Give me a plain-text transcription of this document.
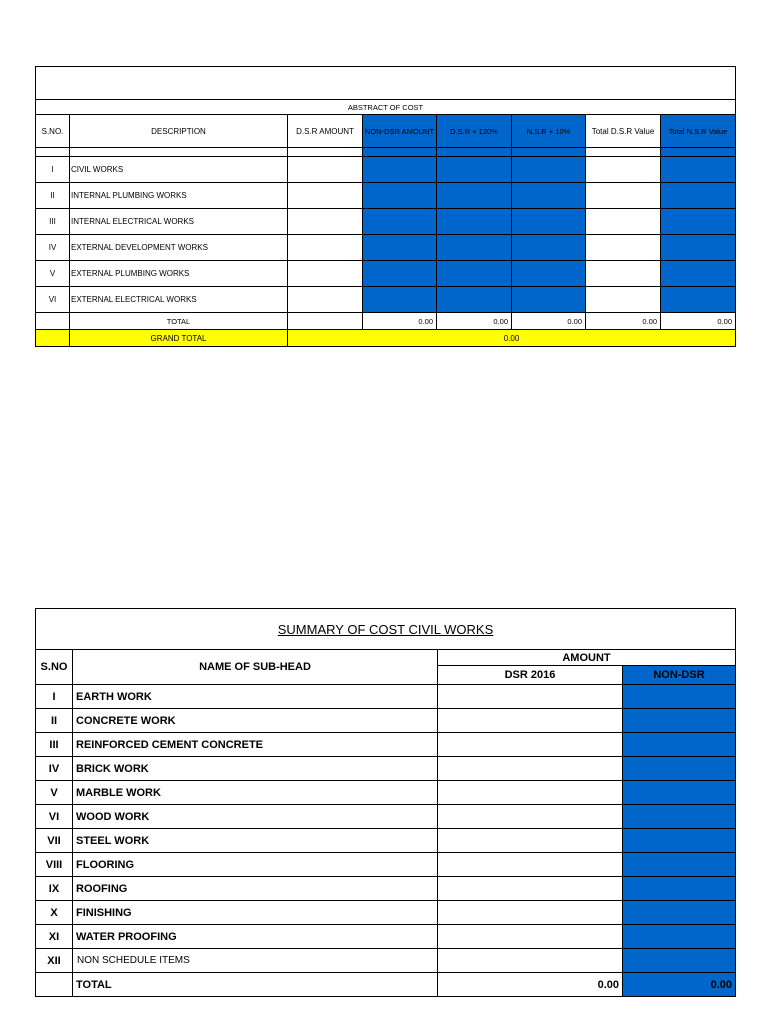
ABSTRACT OF COST							
S.NO.	DESCRIPTION	D.S.R AMOUNT	NON-DSR AMOUNT	D.S.R + 120%	N.S.R + 10%	Total D.S.R Value	Total N.S.R Value

I	CIVIL WORKS						
II	INTERNAL PLUMBING WORKS						
III	INTERNAL ELECTRICAL WORKS						
IV	EXTERNAL DEVELOPMENT WORKS						
V	EXTERNAL PLUMBING WORKS						
VI	EXTERNAL ELECTRICAL WORKS						
	TOTAL		0.00	0.00	0.00	0.00	0.00
	GRAND TOTAL	0.00					
SUMMARY OF COST CIVIL WORKS			
S.NO	NAME OF SUB-HEAD	AMOUNT	
		DSR 2016	NON-DSR
I	EARTH WORK		
II	CONCRETE WORK		
III	REINFORCED CEMENT CONCRETE		
IV	BRICK WORK		
V	MARBLE WORK		
VI	WOOD WORK		
VII	STEEL WORK		
VIII	FLOORING		
IX	ROOFING		
X	FINISHING		
XI	WATER PROOFING		
XII	NON SCHEDULE ITEMS		
	TOTAL	0.00	0.00
